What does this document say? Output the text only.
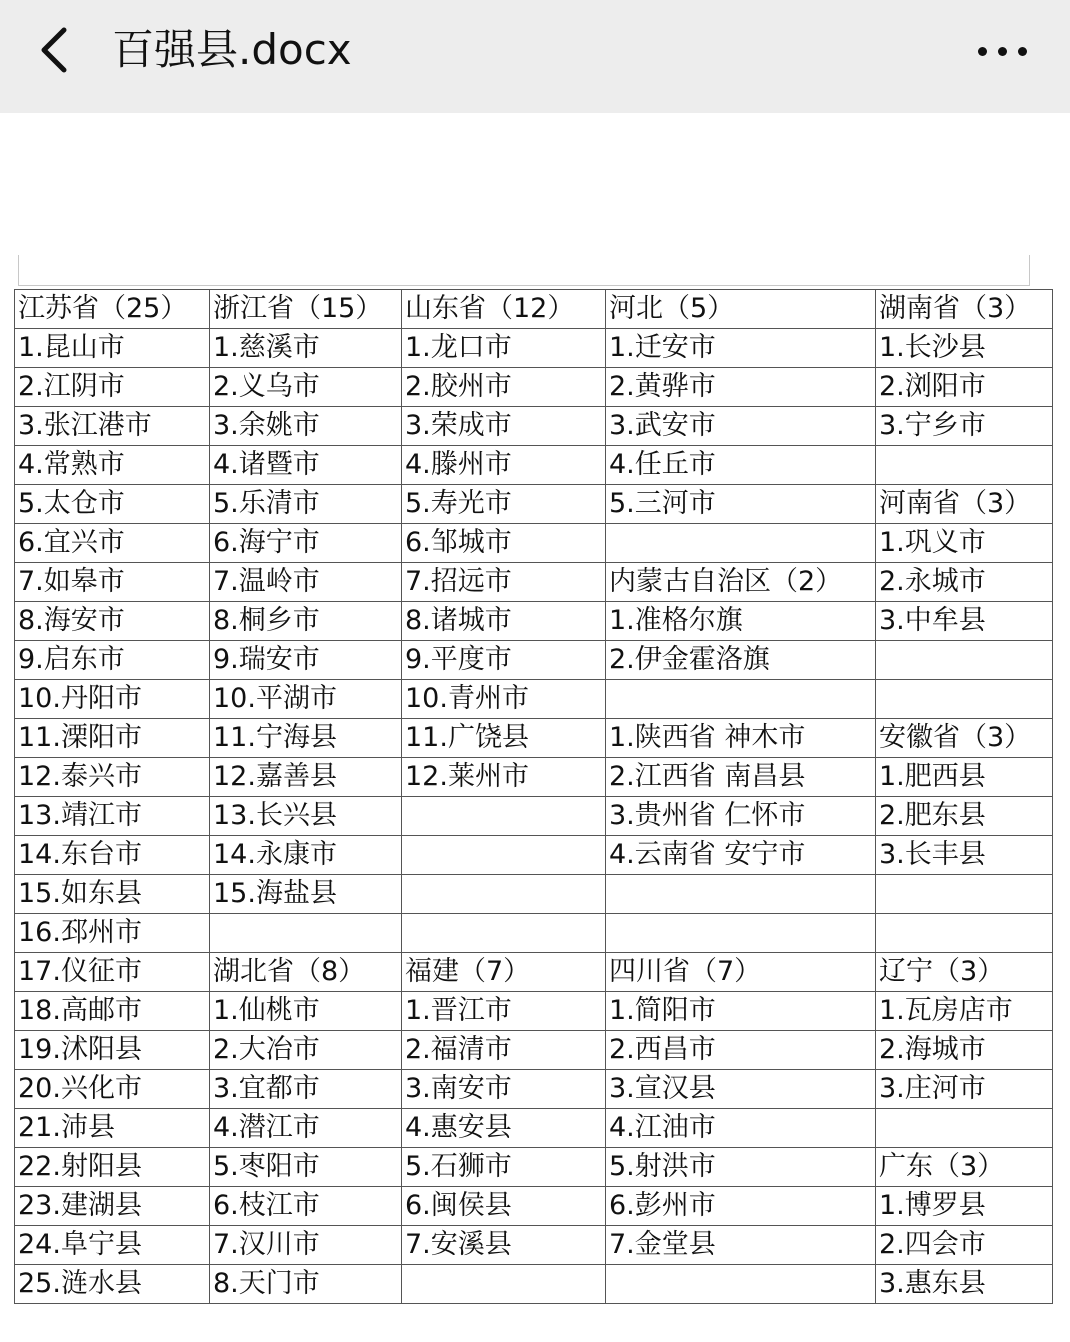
百强县.docx
江苏省（25）	浙江省（15）	山东省（12）	河北（5）	湖南省（3）
1.昆山市	1.慈溪市	1.龙口市	1.迁安市	1.长沙县
2.江阴市	2.义乌市	2.胶州市	2.黄骅市	2.浏阳市
3.张江港市	3.余姚市	3.荣成市	3.武安市	3.宁乡市
4.常熟市	4.诸暨市	4.滕州市	4.任丘市	
5.太仓市	5.乐清市	5.寿光市	5.三河市	河南省（3）
6.宜兴市	6.海宁市	6.邹城市		1.巩义市
7.如皋市	7.温岭市	7.招远市	内蒙古自治区（2）	2.永城市
8.海安市	8.桐乡市	8.诸城市	1.准格尔旗	3.中牟县
9.启东市	9.瑞安市	9.平度市	2.伊金霍洛旗	
10.丹阳市	10.平湖市	10.青州市		
11.溧阳市	11.宁海县	11.广饶县	1.陕西省 神木市	安徽省（3）
12.泰兴市	12.嘉善县	12.莱州市	2.江西省 南昌县	1.肥西县
13.靖江市	13.长兴县		3.贵州省 仁怀市	2.肥东县
14.东台市	14.永康市		4.云南省 安宁市	3.长丰县
15.如东县	15.海盐县			
16.邳州市				
17.仪征市	湖北省（8）	福建（7）	四川省（7）	辽宁（3）
18.高邮市	1.仙桃市	1.晋江市	1.简阳市	1.瓦房店市
19.沭阳县	2.大冶市	2.福清市	2.西昌市	2.海城市
20.兴化市	3.宜都市	3.南安市	3.宣汉县	3.庄河市
21.沛县	4.潜江市	4.惠安县	4.江油市	
22.射阳县	5.枣阳市	5.石狮市	5.射洪市	广东（3）
23.建湖县	6.枝江市	6.闽侯县	6.彭州市	1.博罗县
24.阜宁县	7.汉川市	7.安溪县	7.金堂县	2.四会市
25.涟水县	8.天门市			3.惠东县
